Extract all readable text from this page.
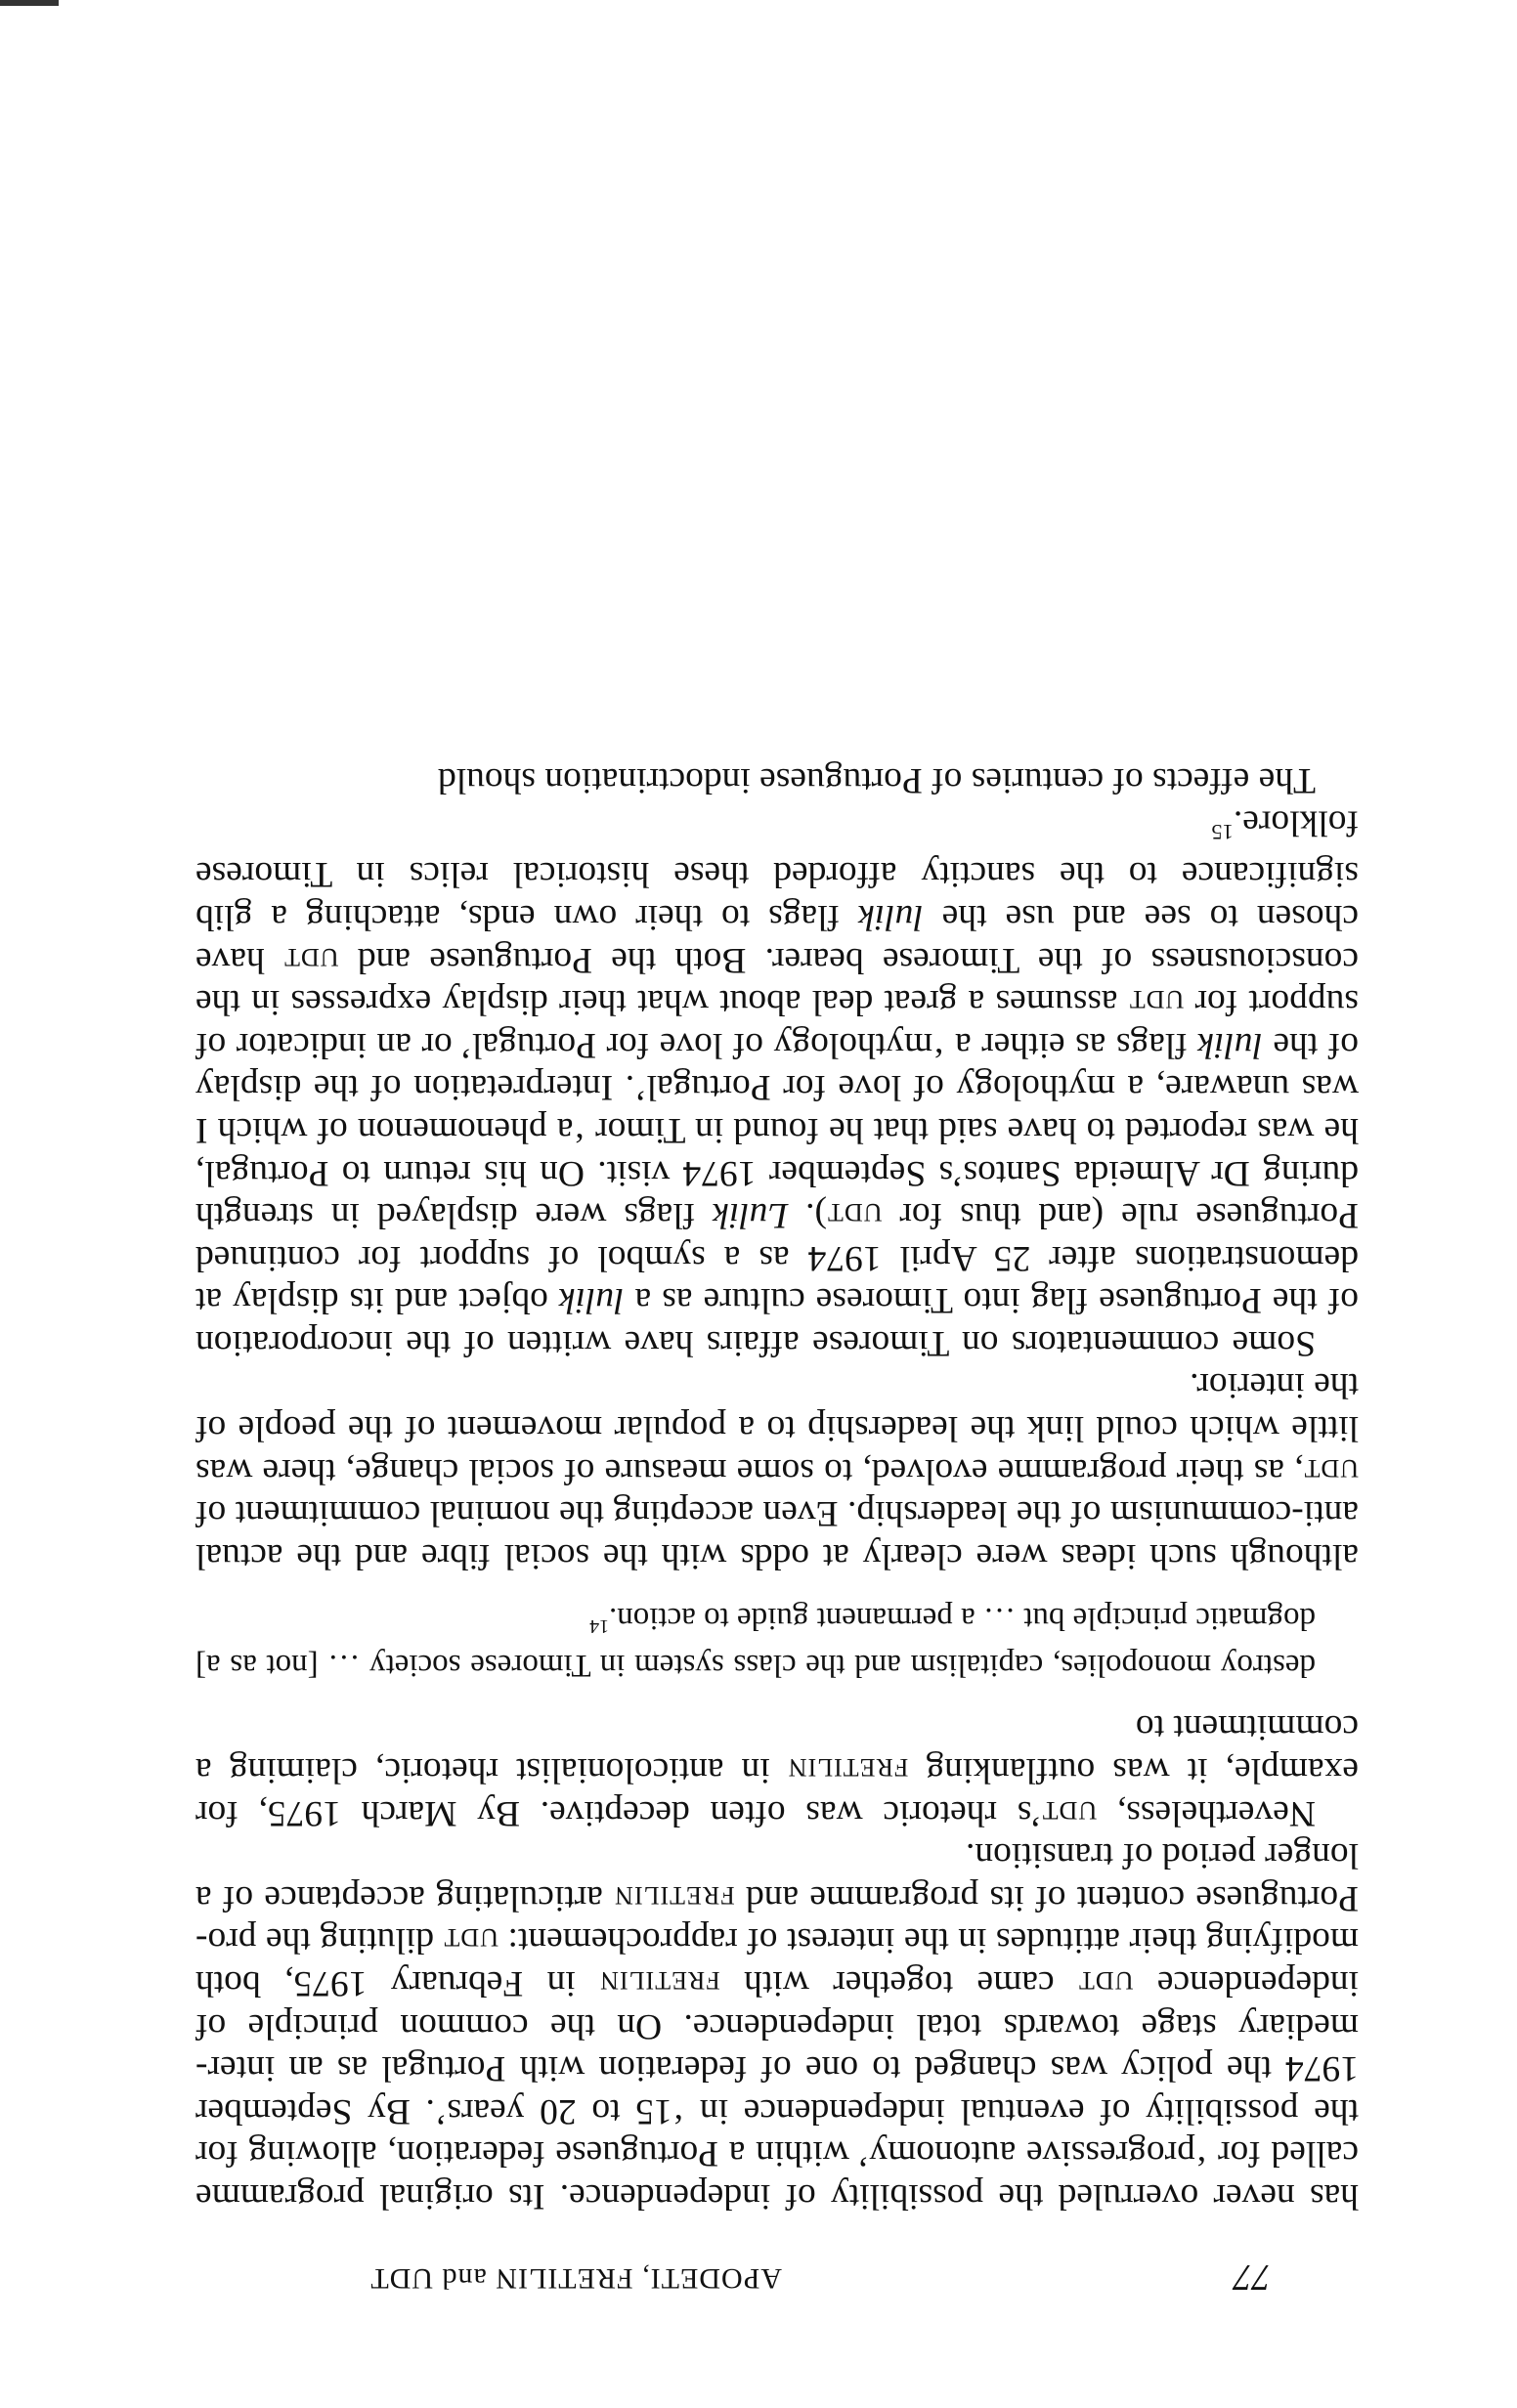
77
APODETI, FRETILIN and UDT

has never overruled the possibility of independence. Its original programme called for ‘progressive autonomy’ within a Portuguese federation, allowing for the possibility of eventual independence in ‘15 to 20 years’. By September 1974 the policy was changed to one of federation with Portugal as an intermediary stage towards total independence. On the common principle of independence udt came together with fretilin in February 1975, both modifying their attitudes in the interest of rapprochement: udt diluting the pro-Portuguese content of its programme and fretilin articulating acceptance of a longer period of transition.

Nevertheless, udt’s rhetoric was often deceptive. By March 1975, for example, it was outflanking fretilin in anticolonialist rhetoric, claiming a commitment to

destroy monopolies, capitalism and the class system in Timorese society … [not as a] dogmatic principle but … a permanent guide to action.$^{14}$

although such ideas were clearly at odds with the social fibre and the actual anti-communism of the leadership. Even accepting the nominal commitment of udt, as their programme evolved, to some measure of social change, there was little which could link the leadership to a popular movement of the people of the interior.

Some commentators on Timorese affairs have written of the incorporation of the Portuguese flag into Timorese culture as a lulik object and its display at demonstrations after 25 April 1974 as a symbol of support for continued Portuguese rule (and thus for udt). Lulik flags were displayed in strength during Dr Almeida Santos’s September 1974 visit. On his return to Portugal, he was reported to have said that he found in Timor ‘a phenomenon of which I was unaware, a mythology of love for Portugal’. Interpretation of the display of the lulik flags as either a ‘mythology of love for Portugal’ or an indicator of support for udt assumes a great deal about what their display expresses in the consciousness of the Timorese bearer. Both the Portuguese and udt have chosen to see and use the lulik flags to their own ends, attaching a glib significance to the sanctity afforded these historical relics in Timorese folklore.$^{15}$

The effects of centuries of Portuguese indoctrination should
